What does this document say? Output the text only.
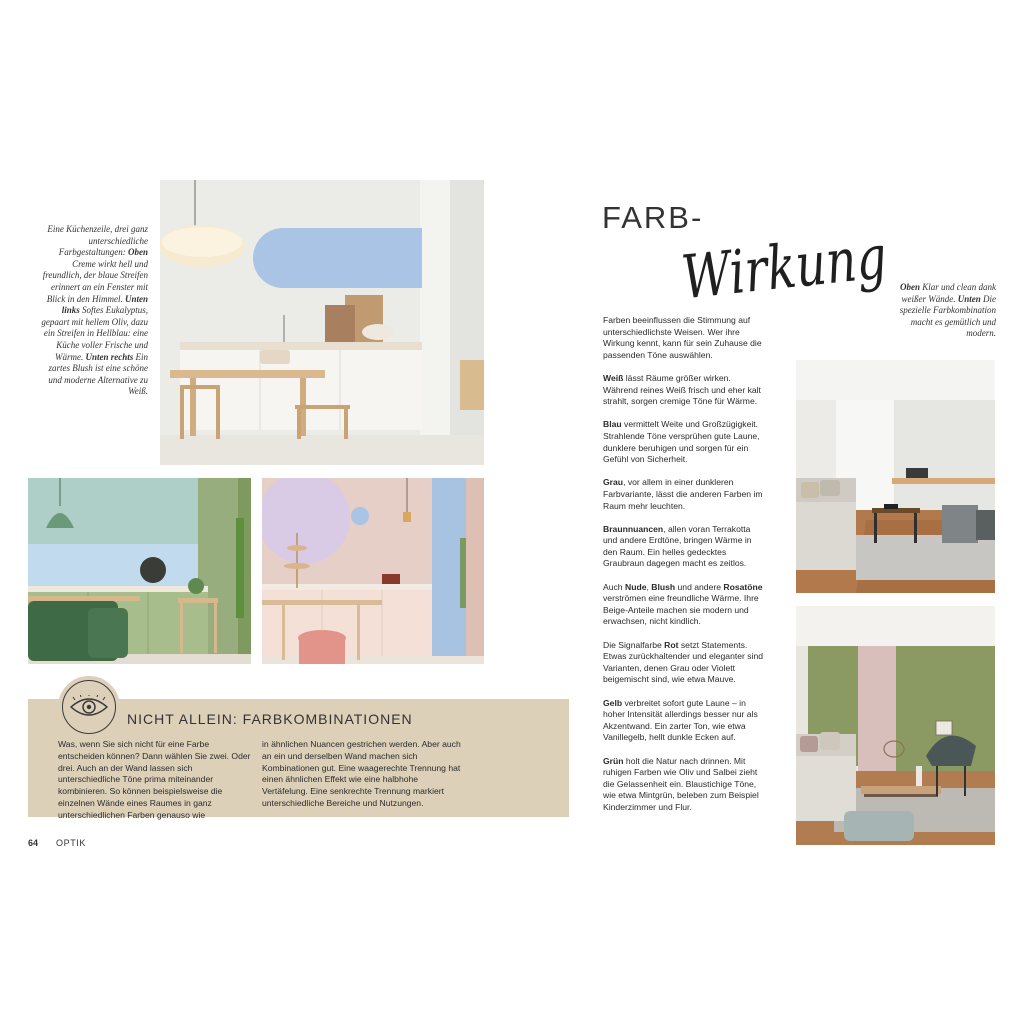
Eine Küchenzeile, drei ganz unterschiedliche Farbgestaltungen: Oben Creme wirkt hell und freundlich, der blaue Streifen erinnert an ein Fenster mit Blick in den Himmel. Unten links Softes Eukalyptus, gepaart mit hellem Oliv, dazu ein Streifen in Hellblau: eine Küche voller Frische und Wärme. Unten rechts Ein zartes Blush ist eine schöne und moderne Alternative zu Weiß.
NICHT ALLEIN: FARBKOMBINATIONEN
Was, wenn Sie sich nicht für eine Farbe entscheiden können? Dann wählen Sie zwei. Oder drei. Auch an der Wand lassen sich unterschiedliche Töne prima miteinander kombinieren. So können beispielsweise die einzelnen Wände eines Raumes in ganz unterschiedlichen Farben genauso wie
in ähnlichen Nuancen gestrichen werden. Aber auch an ein und derselben Wand machen sich Kombinationen gut. Eine waagerechte Trennung hat einen ähnlichen Effekt wie eine halbhohe Vertäfelung. Eine senkrechte Trennung markiert unterschiedliche Bereiche und Nutzungen.
64 OPTIK
FARB-
Wirkung
Oben Klar und clean dank weißer Wände. Unten Die spezielle Farbkombination macht es gemütlich und modern.

Farben beeinflussen die Stimmung auf unterschiedlichste Weisen. Wer ihre Wirkung kennt, kann für sein Zuhause die passenden Töne auswählen.

Weiß lässt Räume größer wirken. Während reines Weiß frisch und eher kalt strahlt, sorgen cremige Töne für Wärme.

Blau vermittelt Weite und Großzügigkeit. Strahlende Töne versprühen gute Laune, dunklere beruhigen und sorgen für ein Gefühl von Sicherheit.

Grau, vor allem in einer dunkleren Farbvariante, lässt die anderen Farben im Raum mehr leuchten.

Braunnuancen, allen voran Terrakotta und andere Erdtöne, bringen Wärme in den Raum. Ein helles gedecktes Graubraun dagegen macht es zeitlos.

Auch Nude, Blush und andere Rosatöne verströmen eine freundliche Wärme. Ihre Beige-Anteile machen sie modern und erwachsen, nicht kindlich.

Die Signalfarbe Rot setzt Statements. Etwas zurückhaltender und eleganter sind Varianten, denen Grau oder Violett beigemischt sind, wie etwa Mauve.

Gelb verbreitet sofort gute Laune – in hoher Intensität allerdings besser nur als Akzentwand. Ein zarter Ton, wie etwa Vanillegelb, hellt dunkle Ecken auf.

Grün holt die Natur nach drinnen. Mit ruhigen Farben wie Oliv und Salbei zieht die Gelassenheit ein. Blaustichige Töne, wie etwa Mintgrün, beleben zum Beispiel Kinderzimmer und Flur.
